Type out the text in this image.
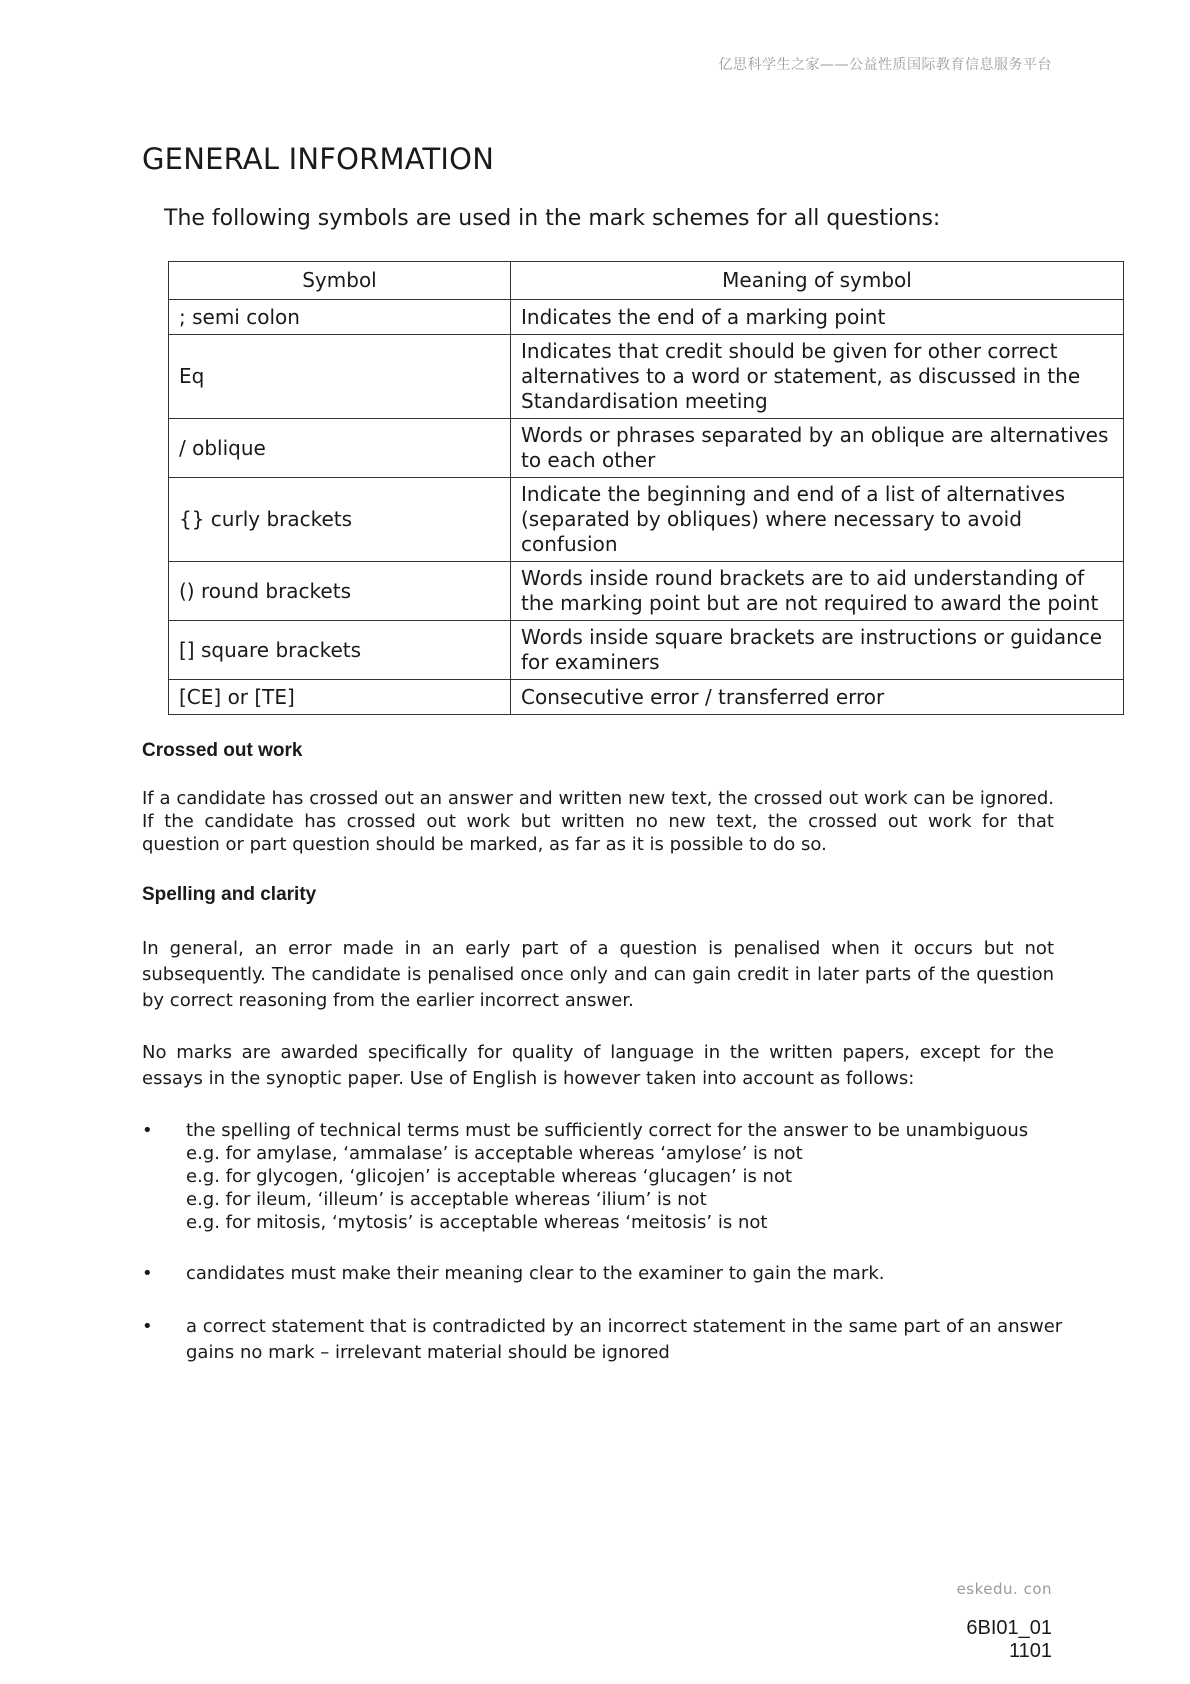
亿思科学生之家——公益性质国际教育信息服务平台
GENERAL INFORMATION

The following symbols are used in the mark schemes for all questions:

Symbol	Meaning of symbol
; semi colon	Indicates the end of a marking point
Eq	Indicates that credit should be given for other correct alternatives to a word or statement, as discussed in the Standardisation meeting
/ oblique	Words or phrases separated by an oblique are alternatives to each other
{} curly brackets	Indicate the beginning and end of a list of alternatives (separated by obliques) where necessary to avoid confusion
() round brackets	Words inside round brackets are to aid understanding of the marking point but are not required to award the point
[] square brackets	Words inside square brackets are instructions or guidance for examiners
[CE] or [TE]	Consecutive error / transferred error
Crossed out work

If a candidate has crossed out an answer and written new text, the crossed out work can be ignored. If the candidate has crossed out work but written no new text, the crossed out work for that question or part question should be marked, as far as it is possible to do so.

Spelling and clarity

In general, an error made in an early part of a question is penalised when it occurs but not subsequently. The candidate is penalised once only and can gain credit in later parts of the question by correct reasoning from the earlier incorrect answer.

No marks are awarded specifically for quality of language in the written papers, except for the essays in the synoptic paper. Use of English is however taken into account as follows:

• the spelling of technical terms must be sufficiently correct for the answer to be unambiguous
e.g. for amylase, ‘ammalase’ is acceptable whereas ‘amylose’ is not
e.g. for glycogen, ‘glicojen’ is acceptable whereas ‘glucagen’ is not
e.g. for ileum, ‘illeum’ is acceptable whereas ‘ilium’ is not
e.g. for mitosis, ‘mytosis’ is acceptable whereas ‘meitosis’ is not
• candidates must make their meaning clear to the examiner to gain the mark.
• a correct statement that is contradicted by an incorrect statement in the same part of an answer gains no mark – irrelevant material should be ignored
eskedu. con
6BI01_01
1101
